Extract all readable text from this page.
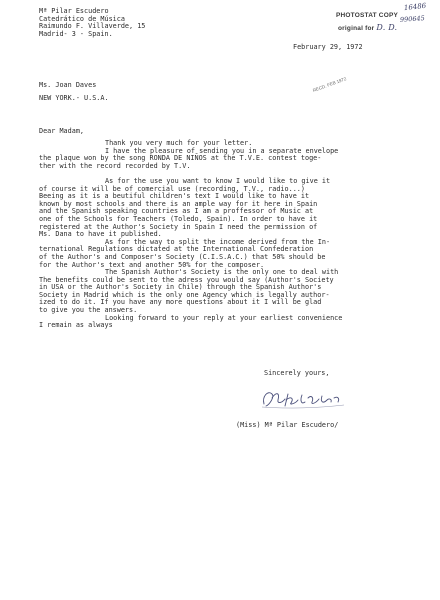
Mª Pilar Escudero
Catedrático de Música
Raimundo F. Villaverde, 15
Madrid- 3 - Spain.
16486
PHOTOSTAT COPY 990645
original for D. D.
February 29, 1972
RECD. FEB 1972
Ms. Joan Daves
NEW YORK.- U.S.A.
Dear Madam,
Thank you very much for your letter.
I have the pleasure of sending you in a separate envelope
the plaque won by the song RONDA DE NIÑOS at the T.V.E. contest toge-
ther with the record recorded by T.V.
As for the use you want to know I would like to give it
of course it will be of comercial use (recording, T.V., radio...)
Beeing as it is a beutiful children's text I would like to have it
known by most schools and there is an ample way for it here in Spain
and the Spanish speaking countries as I am a proffessor of Music at
one of the Schools for Teachers (Toledo, Spain). In order to have it
registered at the Author's Society in Spain I need the permission of
Ms. Dana to have it published.
As for the way to split the income derived from the In-
ternational Regulations dictated at the International Confederation
of the Author's and Composer's Society (C.I.S.A.C.) that 50% should be
for the Author's text and another 50% for the composer.
The Spanish Author's Society is the only one to deal with
The benefits could be sent to the adress you would say (Author's Society
in USA or the Author's Society in Chile) through the Spanish Author's
Society in Madrid which is the only one Agency which is legally author-
ized to do it. If you have any more questions about it I will be glad
to give you the answers.
Looking forward to your reply at your earliest convenience
I remain as always
Sincerely yours,
(Miss) Mª Pilar Escudero/
